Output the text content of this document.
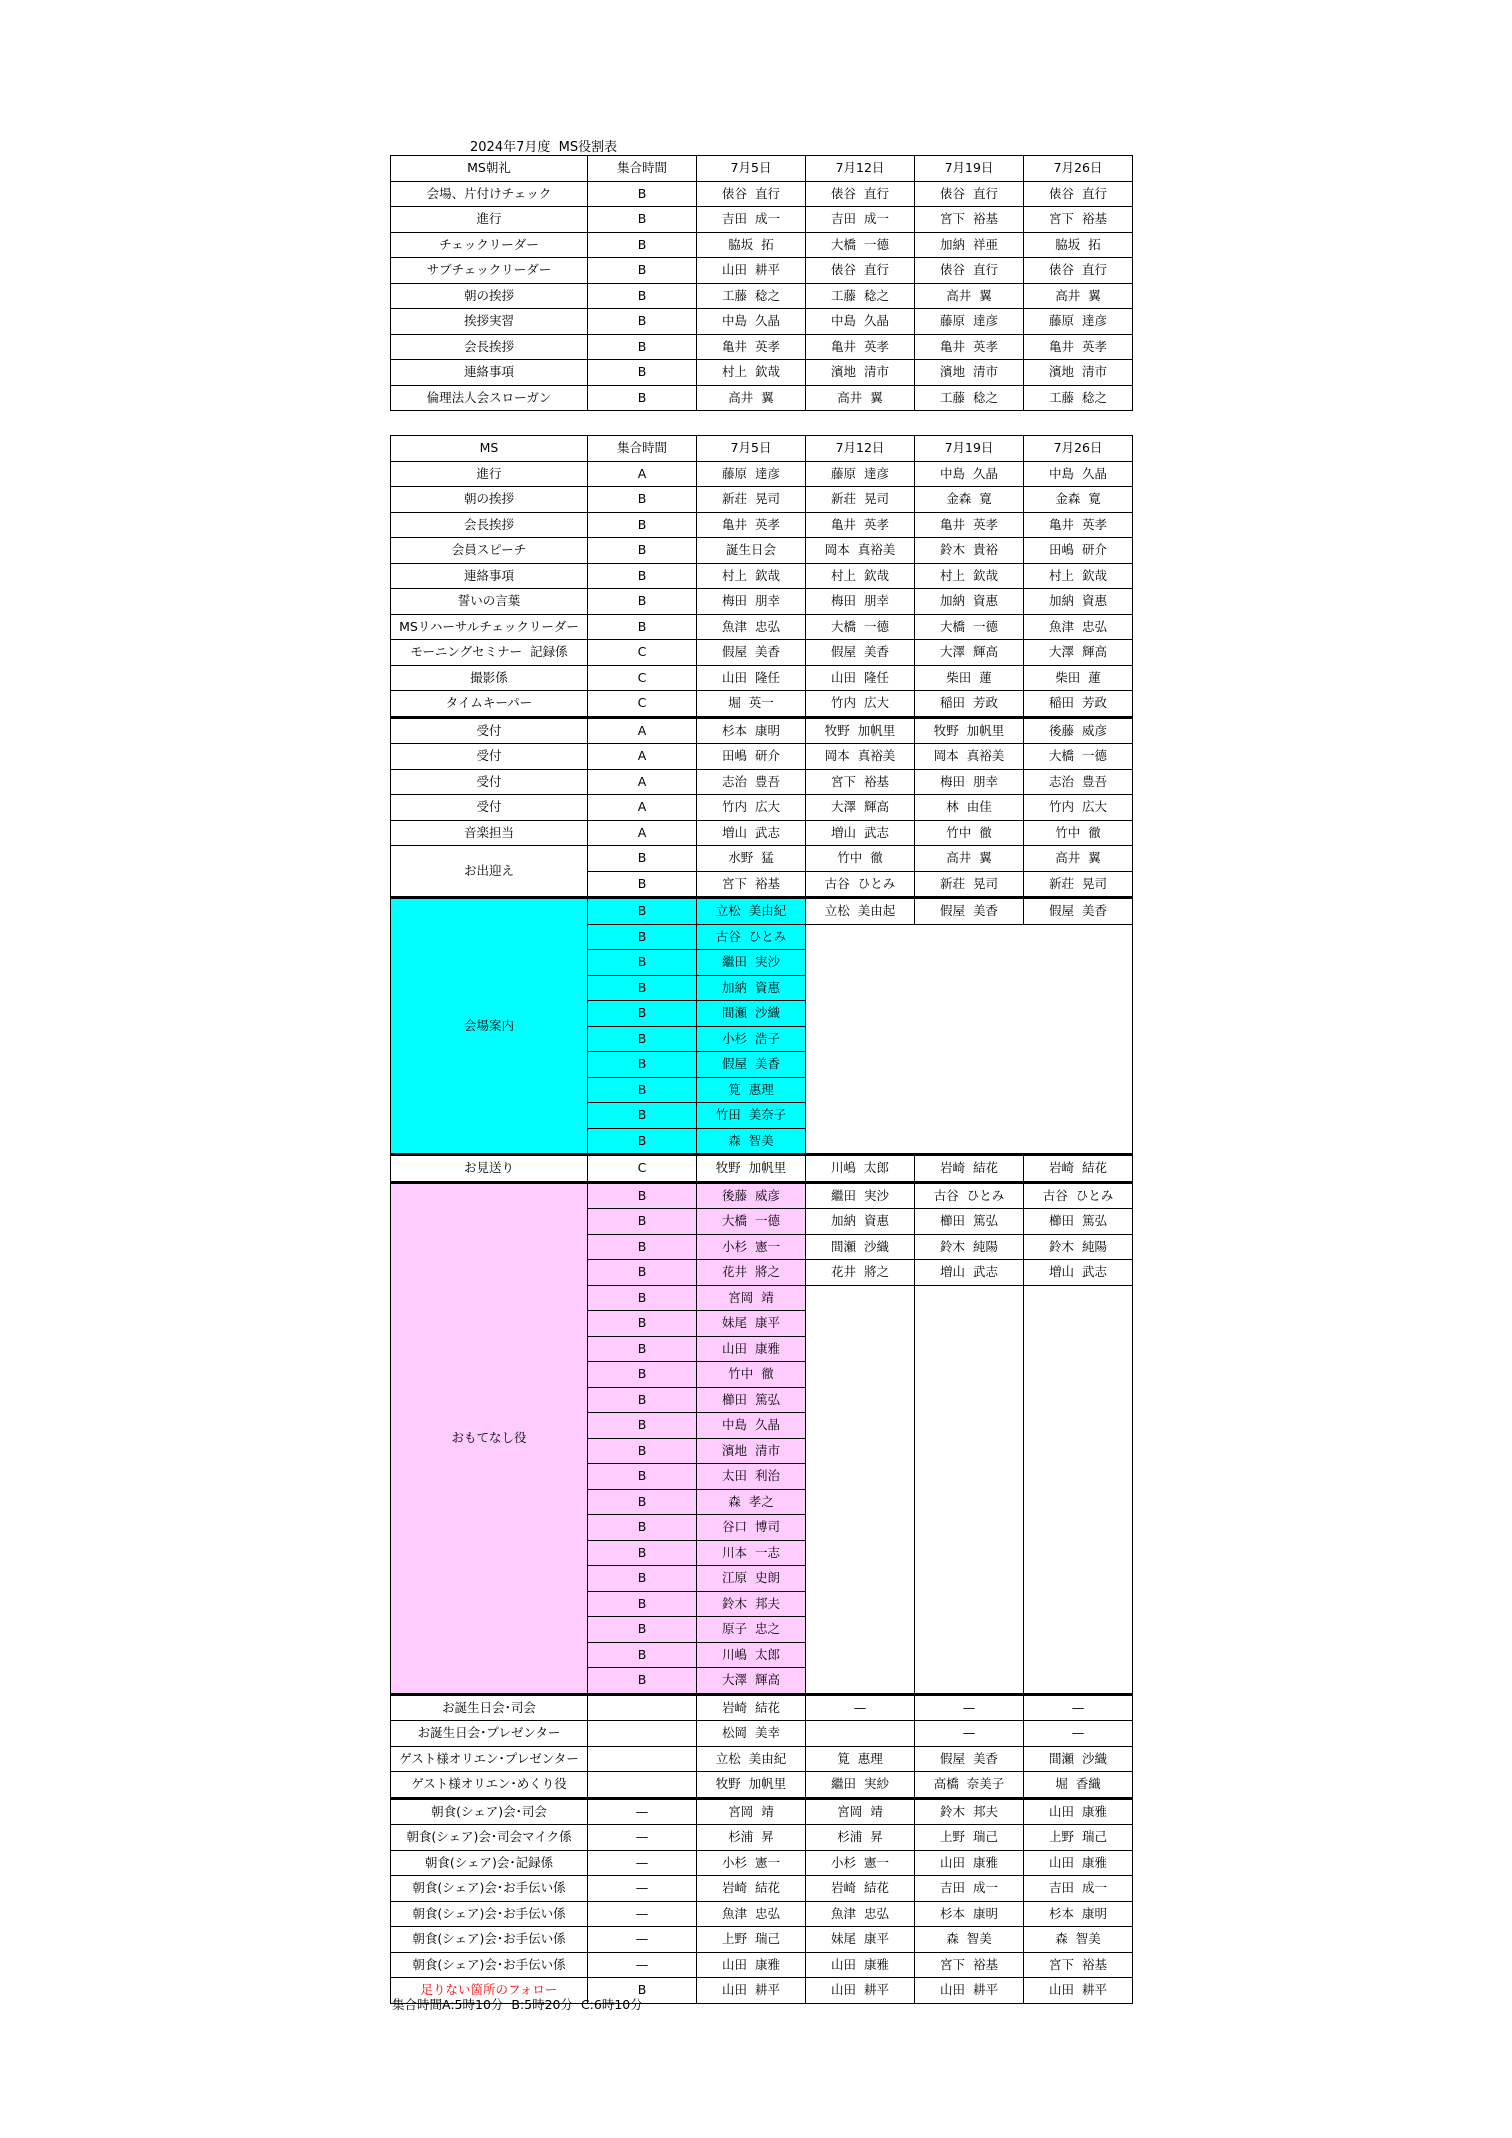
2024年7月度  MS役割表
MS朝礼	集合時間	7月5日	7月12日	7月19日	7月26日
会場、片付けチェック	B	俵谷  直行	俵谷  直行	俵谷  直行	俵谷  直行
進行	B	吉田  成一	吉田  成一	宮下  裕基	宮下  裕基
チェックリーダー	B	脇坂  拓	大橋  一德	加納  祥亜	脇坂  拓
サブチェックリーダー	B	山田  耕平	俵谷  直行	俵谷  直行	俵谷  直行
朝の挨拶	B	工藤  稔之	工藤  稔之	高井  翼	高井  翼
挨拶実習	B	中島  久晶	中島  久晶	藤原  達彦	藤原  達彦
会長挨拶	B	亀井  英孝	亀井  英孝	亀井  英孝	亀井  英孝
連絡事項	B	村上  欽哉	濱地  清市	濱地  清市	濱地  清市
倫理法人会スローガン	B	高井  翼	高井  翼	工藤  稔之	工藤  稔之
MS	集合時間	7月5日	7月12日	7月19日	7月26日
進行	A	藤原  達彦	藤原  達彦	中島  久晶	中島  久晶
朝の挨拶	B	新荘  晃司	新荘  晃司	金森  寛	金森  寛
会長挨拶	B	亀井  英孝	亀井  英孝	亀井  英孝	亀井  英孝
会員スピーチ	B	誕生日会	岡本  真裕美	鈴木  貴裕	田嶋  研介
連絡事項	B	村上  欽哉	村上  欽哉	村上  欽哉	村上  欽哉
誓いの言葉	B	梅田  朋幸	梅田  朋幸	加納  資惠	加納  資惠
MSリハーサルチェックリーダー	B	魚津  忠弘	大橋  一德	大橋  一德	魚津  忠弘
モーニングセミナー  記録係	C	假屋  美香	假屋  美香	大澤  輝高	大澤  輝高
撮影係	C	山田  隆任	山田  隆任	柴田  蓮	柴田  蓮
タイムキーパー	C	堀  英一	竹内  広大	稲田  芳政	稲田  芳政
受付	A	杉本  康明	牧野  加帆里	牧野  加帆里	後藤  威彦
受付	A	田嶋  研介	岡本  真裕美	岡本  真裕美	大橋  一德
受付	A	志治  豊吾	宮下  裕基	梅田  朋幸	志治  豊吾
受付	A	竹内  広大	大澤  輝高	林  由佳	竹内  広大
音楽担当	A	増山  武志	増山  武志	竹中  徹	竹中  徹
お出迎え	B	水野  猛	竹中  徹	高井  翼	高井  翼
	B	宮下  裕基	古谷  ひとみ	新荘  晃司	新荘  晃司
会場案内	B	立松  美由紀	立松  美由起	假屋  美香	假屋  美香
	B	古谷  ひとみ			
	B	繼田  実沙			
	B	加納  資惠			
	B	間瀬  沙織			
	B	小杉  浩子			
	B	假屋  美香			
	B	筧  惠理			
	B	竹田  美奈子			
	B	森  智美			
お見送り	C	牧野  加帆里	川嶋  太郎	岩崎  結花	岩崎  結花
おもてなし役	B	後藤  威彦	繼田  実沙	古谷  ひとみ	古谷  ひとみ
	B	大橋  一德	加納  資惠	櫛田  篤弘	櫛田  篤弘
	B	小杉  憲一	間瀬  沙織	鈴木  純陽	鈴木  純陽
	B	花井  將之	花井  將之	増山  武志	増山  武志
	B	宮岡  靖			
	B	妹尾  康平			
	B	山田  康雅			
	B	竹中  徹			
	B	櫛田  篤弘			
	B	中島  久晶			
	B	濱地  清市			
	B	太田  利治			
	B	森  孝之			
	B	谷口  博司			
	B	川本  一志			
	B	江原  史朗			
	B	鈴木  邦夫			
	B	原子  忠之			
	B	川嶋  太郎			
	B	大澤  輝高			
お誕生日会･司会		岩崎  結花	—	—	—
お誕生日会･プレゼンター		松岡  美幸		—	—
ゲスト様オリエン･プレゼンター		立松  美由紀	筧  惠理	假屋  美香	間瀬  沙織
ゲスト様オリエン･めくり役		牧野  加帆里	繼田  実紗	高橋  奈美子	堀  香織
朝食(シェア)会･司会	—	宮岡  靖	宮岡  靖	鈴木  邦夫	山田  康雅
朝食(シェア)会･司会マイク係	—	杉浦  昇	杉浦  昇	上野  瑞己	上野  瑞己
朝食(シェア)会･記録係	—	小杉  憲一	小杉  憲一	山田  康雅	山田  康雅
朝食(シェア)会･お手伝い係	—	岩崎  結花	岩崎  結花	吉田  成一	吉田  成一
朝食(シェア)会･お手伝い係	—	魚津  忠弘	魚津  忠弘	杉本  康明	杉本  康明
朝食(シェア)会･お手伝い係	—	上野  瑞己	妹尾  康平	森  智美	森  智美
朝食(シェア)会･お手伝い係	—	山田  康雅	山田  康雅	宮下  裕基	宮下  裕基
足りない箇所のフォロー	B	山田  耕平	山田  耕平	山田  耕平	山田  耕平
集合時間A:5時10分  B:5時20分  C:6時10分
